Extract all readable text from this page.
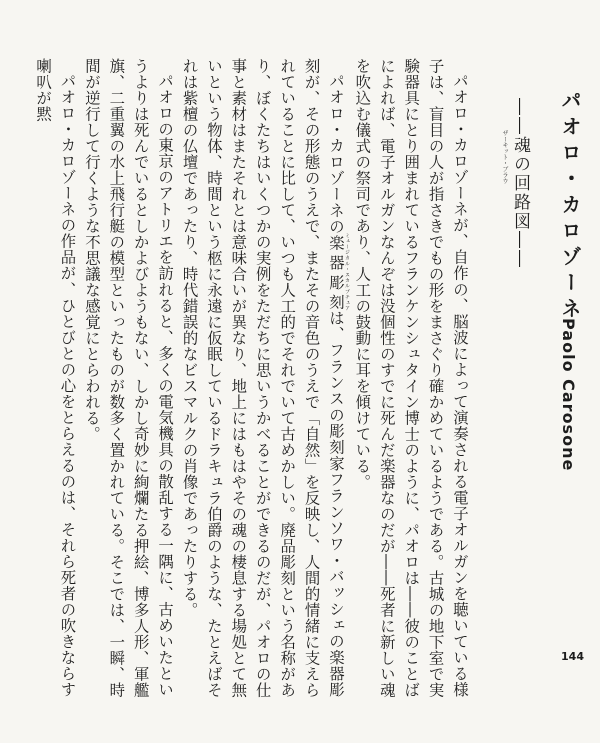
パオロ・カロゾーネ
Paolo Carosone
――魂の回路図――
ザーキット・ブラウ

パオロ・カロゾーネが、自作の、脳波によって演奏される電子オルガンを聴いている様子は、盲目の人が指さきでもの形をまさぐり確かめているようである。古城の地下室で実験器具にとり囲まれているフランケンシュタイン博士のように、パオロは――彼のことばによれば、電子オルガンなんぞは没個性のすでに死んだ楽器なのだが――死者に新しい魂を吹込む儀式の祭司であり、人工の鼓動に耳を傾けている。

パオロ・カロゾーネの楽器彫刻 ミュージカル・スカルプチュアは、フランスの彫刻家フランソワ・バッシェの楽器彫刻が、その形態のうえで、またその音色のうえで「自然」を反映し、人間的情緒に支えられていることに比して、いつも人工的でそれでいて古めかしい。廃品彫刻という名称があり、ぼくたちはいくつかの実例をただちに思いうかべることができるのだが、パオロの仕事と素材はまたそれとは意味合いが異なり、地上にはもはやその魂の棲息する場処とて無いという物体、時間という柩に永遠に仮眠しているドラキュラ伯爵のような、たとえばそれは紫檀の仏壇であったり、時代錯誤的なビスマルクの肖像であったりする。

パオロの東京のアトリエを訪れると、多くの電気機具の散乱する一隅に、古めいたというよりは死んでいるとしかよびようもない、しかし奇妙に絢爛たる押絵、博多人形、軍艦旗、二重翼の水上飛行艇の模型といったものが数多く置かれている。そこでは、一瞬、時間が逆行して行くような不思議な感覚にとらわれる。

パオロ・カロゾーネの作品が、ひとびとの心をとらえるのは、それら死者の吹きならす喇叭が黙

144
